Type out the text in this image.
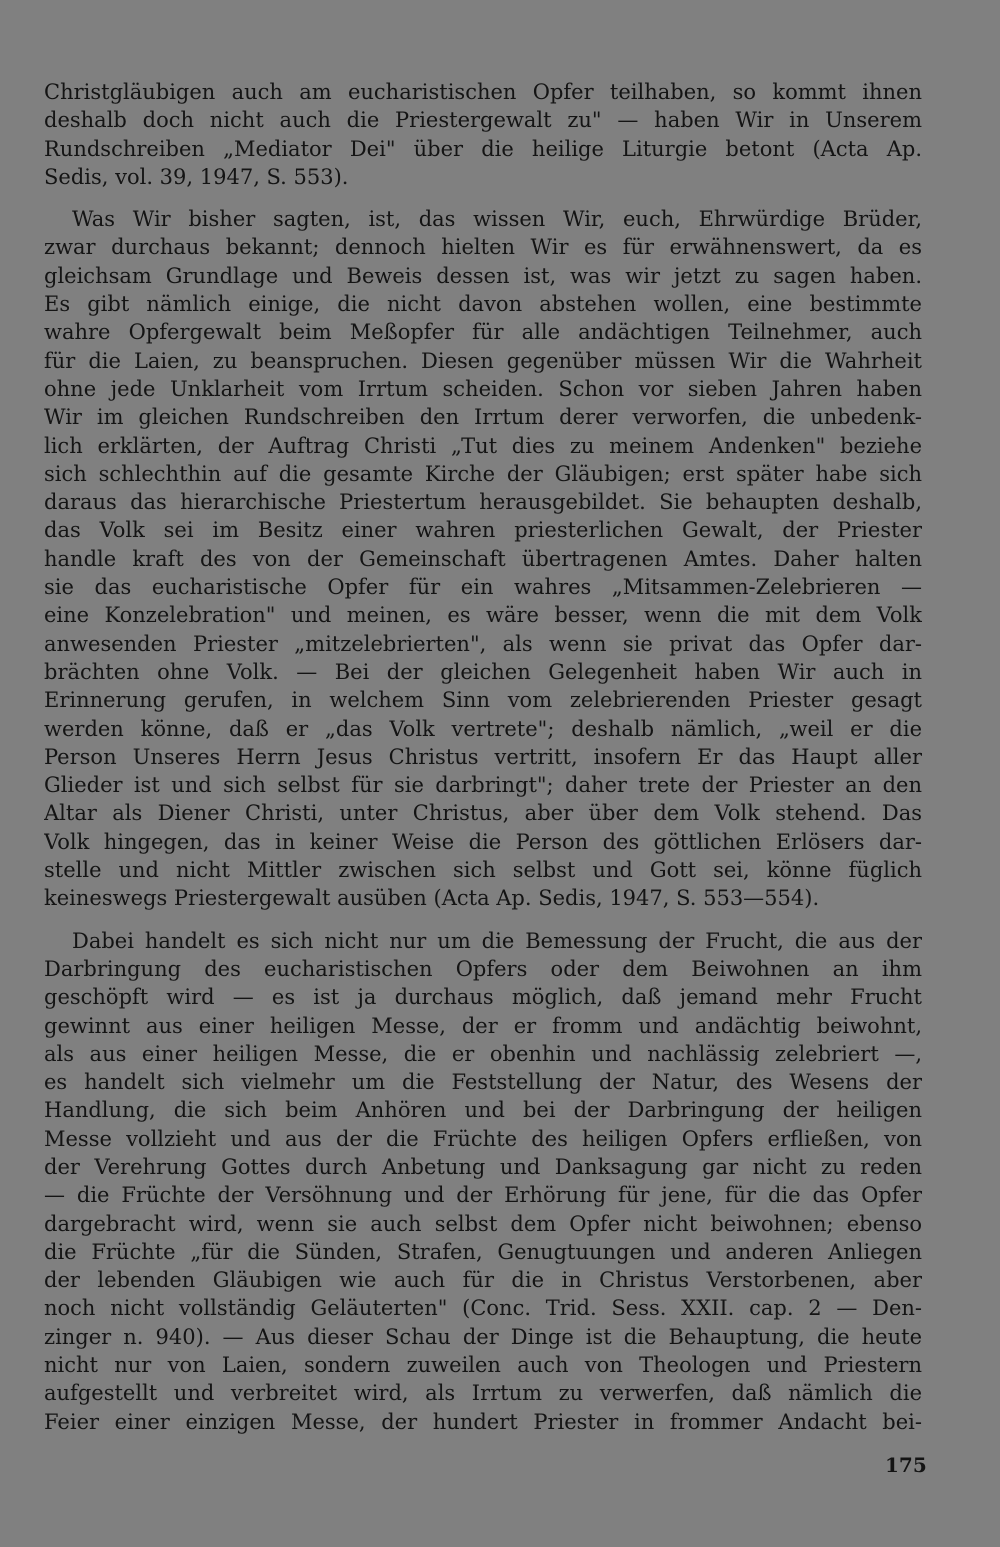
Christgläubigen auch am eucharistischen Opfer teilhaben, so kommt ihnen
deshalb doch nicht auch die Priestergewalt zu" — haben Wir in Unserem
Rundschreiben „Mediator Dei" über die heilige Liturgie betont (Acta Ap.
Sedis, vol. 39, 1947, S. 553).

Was Wir bisher sagten, ist, das wissen Wir, euch, Ehrwürdige Brüder,
zwar durchaus bekannt; dennoch hielten Wir es für erwähnenswert, da es
gleichsam Grundlage und Beweis dessen ist, was wir jetzt zu sagen haben.
Es gibt nämlich einige, die nicht davon abstehen wollen, eine bestimmte
wahre Opfergewalt beim Meßopfer für alle andächtigen Teilnehmer, auch
für die Laien, zu beanspruchen. Diesen gegenüber müssen Wir die Wahrheit
ohne jede Unklarheit vom Irrtum scheiden. Schon vor sieben Jahren haben
Wir im gleichen Rundschreiben den Irrtum derer verworfen, die unbedenk-
lich erklärten, der Auftrag Christi „Tut dies zu meinem Andenken" beziehe
sich schlechthin auf die gesamte Kirche der Gläubigen; erst später habe sich
daraus das hierarchische Priestertum herausgebildet. Sie behaupten deshalb,
das Volk sei im Besitz einer wahren priesterlichen Gewalt, der Priester
handle kraft des von der Gemeinschaft übertragenen Amtes. Daher halten
sie das eucharistische Opfer für ein wahres „Mitsammen-Zelebrieren —
eine Konzelebration" und meinen, es wäre besser, wenn die mit dem Volk
anwesenden Priester „mitzelebrierten", als wenn sie privat das Opfer dar-
brächten ohne Volk. — Bei der gleichen Gelegenheit haben Wir auch in
Erinnerung gerufen, in welchem Sinn vom zelebrierenden Priester gesagt
werden könne, daß er „das Volk vertrete"; deshalb nämlich, „weil er die
Person Unseres Herrn Jesus Christus vertritt, insofern Er das Haupt aller
Glieder ist und sich selbst für sie darbringt"; daher trete der Priester an den
Altar als Diener Christi, unter Christus, aber über dem Volk stehend. Das
Volk hingegen, das in keiner Weise die Person des göttlichen Erlösers dar-
stelle und nicht Mittler zwischen sich selbst und Gott sei, könne füglich
keineswegs Priestergewalt ausüben (Acta Ap. Sedis, 1947, S. 553—554).

Dabei handelt es sich nicht nur um die Bemessung der Frucht, die aus der
Darbringung des eucharistischen Opfers oder dem Beiwohnen an ihm
geschöpft wird — es ist ja durchaus möglich, daß jemand mehr Frucht
gewinnt aus einer heiligen Messe, der er fromm und andächtig beiwohnt,
als aus einer heiligen Messe, die er obenhin und nachlässig zelebriert —,
es handelt sich vielmehr um die Feststellung der Natur, des Wesens der
Handlung, die sich beim Anhören und bei der Darbringung der heiligen
Messe vollzieht und aus der die Früchte des heiligen Opfers erfließen, von
der Verehrung Gottes durch Anbetung und Danksagung gar nicht zu reden
— die Früchte der Versöhnung und der Erhörung für jene, für die das Opfer
dargebracht wird, wenn sie auch selbst dem Opfer nicht beiwohnen; ebenso
die Früchte „für die Sünden, Strafen, Genugtuungen und anderen Anliegen
der lebenden Gläubigen wie auch für die in Christus Verstorbenen, aber
noch nicht vollständig Geläuterten" (Conc. Trid. Sess. XXII. cap. 2 — Den-
zinger n. 940). — Aus dieser Schau der Dinge ist die Behauptung, die heute
nicht nur von Laien, sondern zuweilen auch von Theologen und Priestern
aufgestellt und verbreitet wird, als Irrtum zu verwerfen, daß nämlich die
Feier einer einzigen Messe, der hundert Priester in frommer Andacht bei-

175
